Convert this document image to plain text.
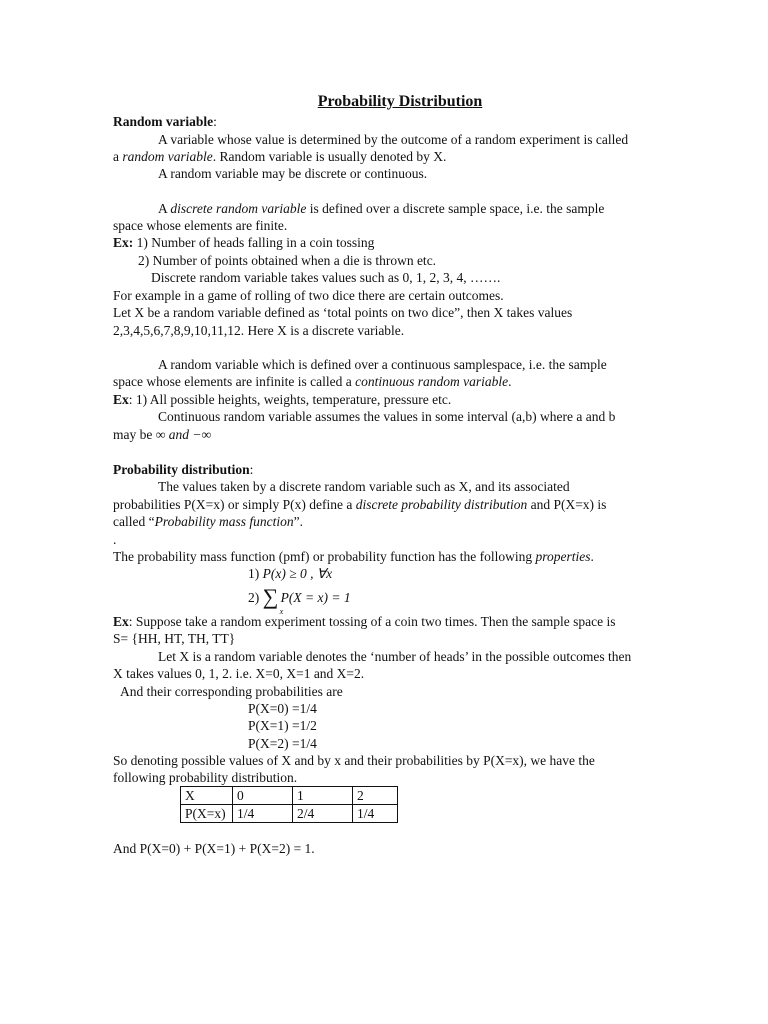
Probability Distribution
Random variable:
A variable whose value is determined by the outcome of a random experiment is called
a random variable. Random variable is usually denoted by X.
A random variable may be discrete or continuous.
A discrete random variable is defined over a discrete sample space, i.e. the sample
space whose elements are finite.
Ex: 1) Number of heads falling in a coin tossing
2) Number of points obtained when a die is thrown etc.
Discrete random variable takes values such as 0, 1, 2, 3, 4, …….
For example in a game of rolling of two dice there are certain outcomes.
Let X be a random variable defined as ‘total points on two dice”, then X takes values
2,3,4,5,6,7,8,9,10,11,12. Here X is a discrete variable.
A random variable which is defined over a continuous samplespace, i.e. the sample
space whose elements are infinite is called a continuous random variable.
Ex: 1) All possible heights, weights, temperature, pressure etc.
Continuous random variable assumes the values in some interval (a,b) where a and b
may be ∞ and −∞
Probability distribution:
The values taken by a discrete random variable such as X, and its associated
probabilities P(X=x) or simply P(x) define a discrete probability distribution and P(X=x) is
called “Probability mass function”.
.
The probability mass function (pmf) or probability function has the following properties.
1) P(x) ≥ 0 , ∀x
2) ∑
x
P(X = x) = 1
Ex: Suppose take a random experiment tossing of a coin two times. Then the sample space is
S= {HH, HT, TH, TT}
Let X is a random variable denotes the ‘number of heads’ in the possible outcomes then
X takes values 0, 1, 2. i.e. X=0, X=1 and X=2.
And their corresponding probabilities are
P(X=0) =1/4
P(X=1) =1/2
P(X=2) =1/4
So denoting possible values of X and by x and their probabilities by P(X=x), we have the
following probability distribution.
X	0	1	2
P(X=x)	1/4	2/4	1/4
And P(X=0) + P(X=1) + P(X=2) = 1.
